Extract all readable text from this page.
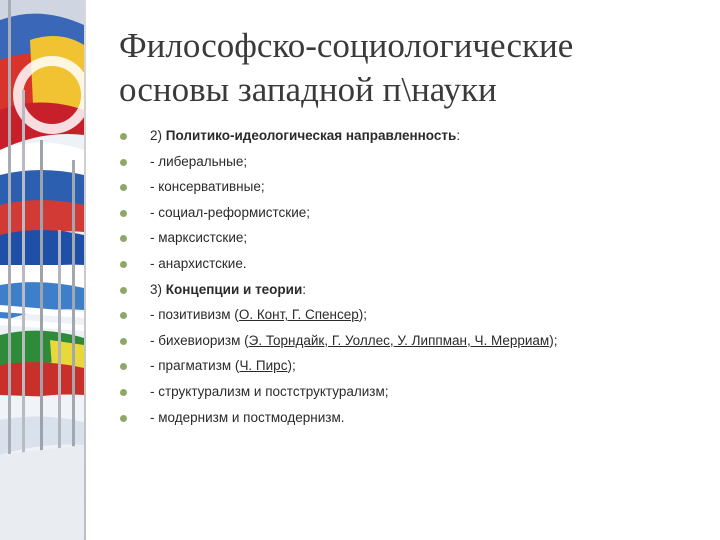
Философско-социологические
основы западной п\науки
2) Политико-идеологическая направленность:
- либеральные;
- консервативные;
- социал-реформистские;
- марксистские;
- анархистские.
3) Концепции и теории:
- позитивизм (О. Конт, Г. Спенсер);
- бихевиоризм (Э. Торндайк, Г. Уоллес, У. Липпман, Ч. Мерриам);
- прагматизм (Ч. Пирс);
- структурализм и постструктурализм;
- модернизм и постмодернизм.
